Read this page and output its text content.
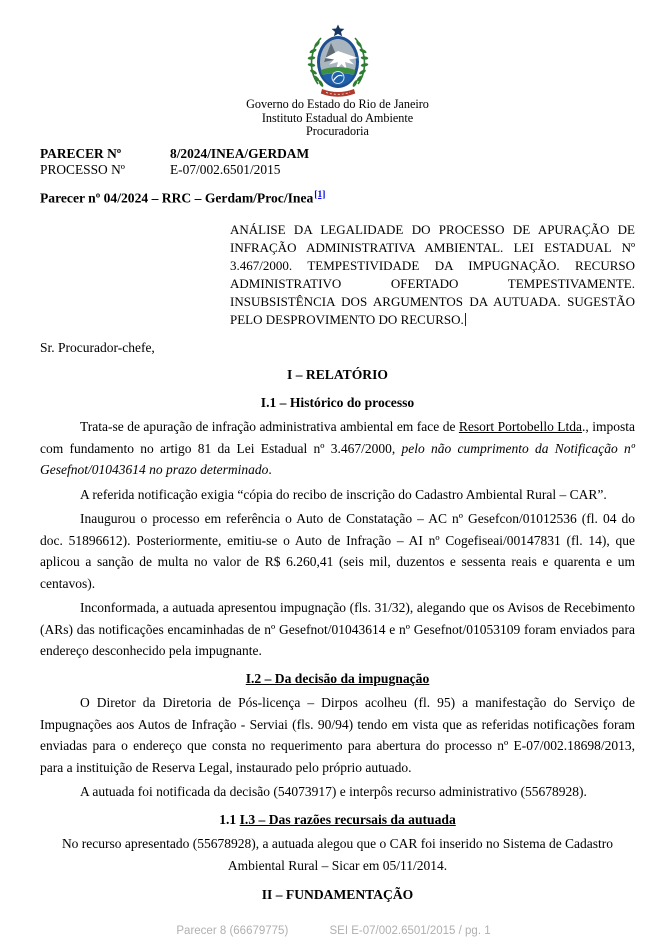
Governo do Estado do Rio de Janeiro
Instituto Estadual do Ambiente
Procuradoria
PARECER Nº	8/2024/INEA/GERDAM
PROCESSO Nº	E-07/002.6501/2015
Parecer nº 04/2024 – RRC – Gerdam/Proc/Inea[1]
ANÁLISE DA LEGALIDADE DO PROCESSO DE APURAÇÃO DE INFRAÇÃO ADMINISTRATIVA AMBIENTAL. LEI ESTADUAL Nº 3.467/2000. TEMPESTIVIDADE DA IMPUGNAÇÃO. RECURSO ADMINISTRATIVO OFERTADO TEMPESTIVAMENTE. INSUBSISTÊNCIA DOS ARGUMENTOS DA AUTUADA. SUGESTÃO PELO DESPROVIMENTO DO RECURSO.
Sr. Procurador-chefe,
I – RELATÓRIO
I.1 – Histórico do processo

Trata-se de apuração de infração administrativa ambiental em face de Resort Portobello Ltda., imposta com fundamento no artigo 81 da Lei Estadual nº 3.467/2000, pelo não cumprimento da Notificação nº Gesefnot/01043614 no prazo determinado.

A referida notificação exigia “cópia do recibo de inscrição do Cadastro Ambiental Rural – CAR”.

Inaugurou o processo em referência o Auto de Constatação – AC nº Gesefcon/01012536 (fl. 04 do doc. 51896612). Posteriormente, emitiu-se o Auto de Infração – AI nº Cogefiseai/00147831 (fl. 14), que aplicou a sanção de multa no valor de R$ 6.260,41 (seis mil, duzentos e sessenta reais e quarenta e um centavos).

Inconformada, a autuada apresentou impugnação (fls. 31/32), alegando que os Avisos de Recebimento (ARs) das notificações encaminhadas de nº Gesefnot/01043614 e nº Gesefnot/01053109 foram enviados para endereço desconhecido pela impugnante.

I.2 – Da decisão da impugnação

O Diretor da Diretoria de Pós-licença – Dirpos acolheu (fl. 95) a manifestação do Serviço de Impugnações aos Autos de Infração - Serviai (fls. 90/94) tendo em vista que as referidas notificações foram enviadas para o endereço que consta no requerimento para abertura do processo nº E-07/002.18698/2013, para a instituição de Reserva Legal, instaurado pelo próprio autuado.

A autuada foi notificada da decisão (54073917) e interpôs recurso administrativo (55678928).

1.1 I.3 – Das razões recursais da autuada

No recurso apresentado (55678928), a autuada alegou que o CAR foi inserido no Sistema de Cadastro Ambiental Rural – Sicar em 05/11/2014.

II – FUNDAMENTAÇÃO
Parecer 8 (66679775)	SEI E-07/002.6501/2015 / pg. 1
